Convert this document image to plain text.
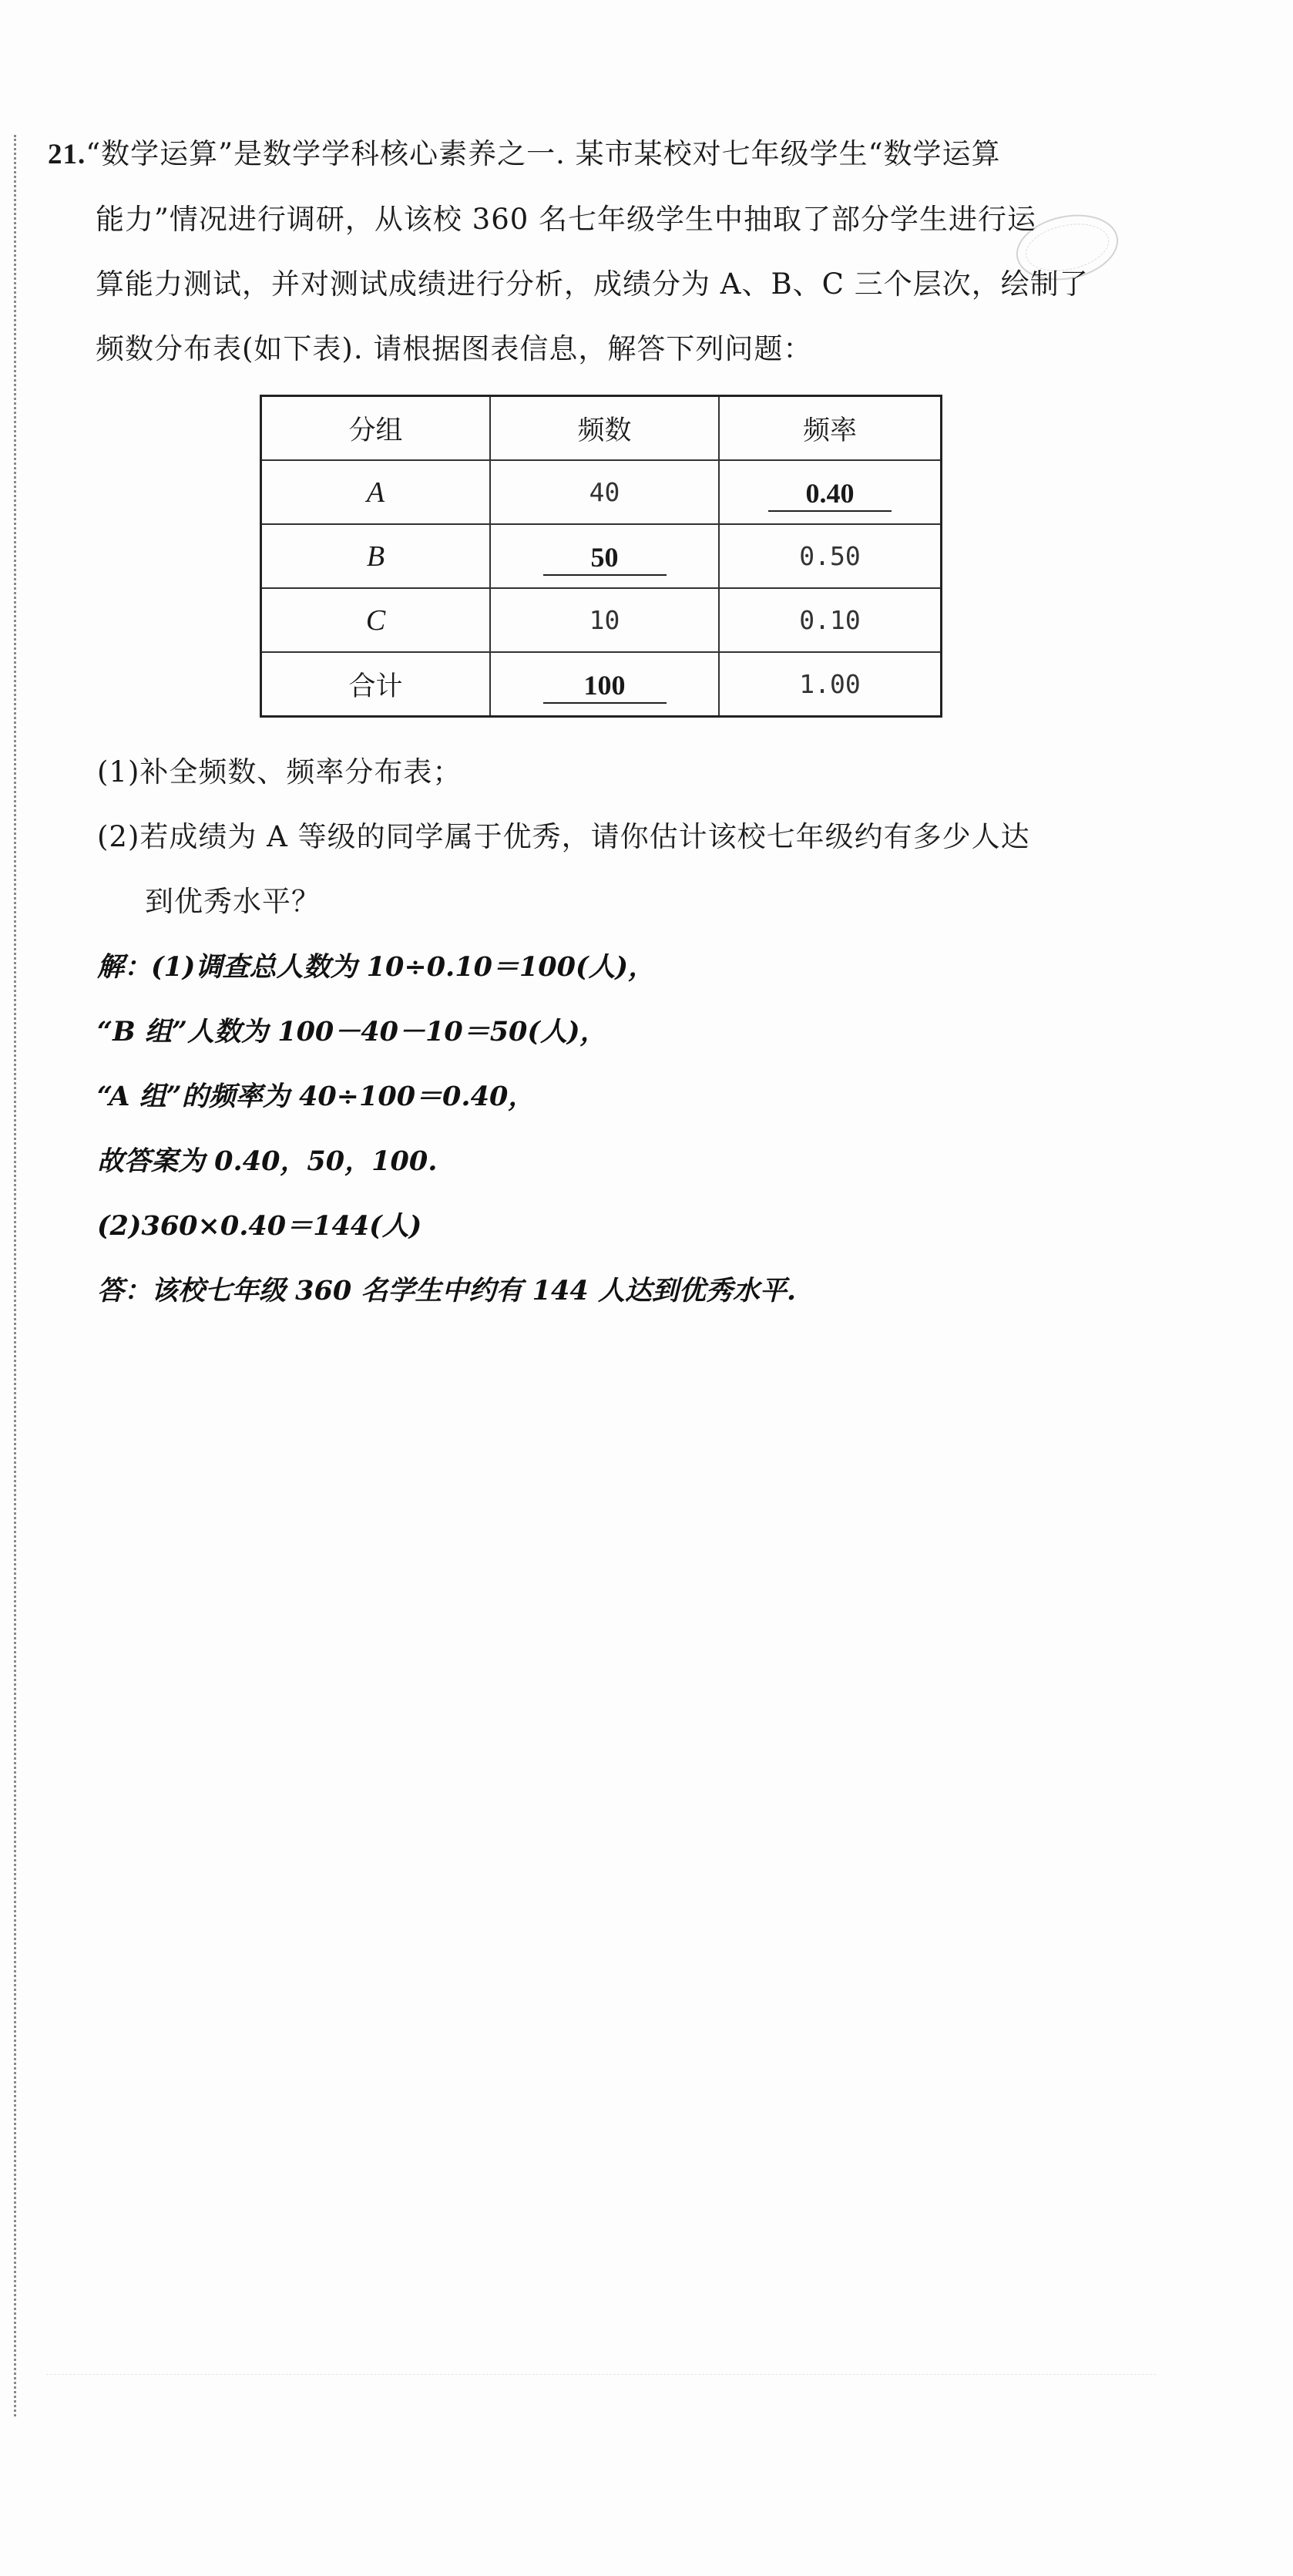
21.“数学运算”是数学学科核心素养之一. 某市某校对七年级学生“数学运算
能力”情况进行调研，从该校 360 名七年级学生中抽取了部分学生进行运
算能力测试，并对测试成绩进行分析，成绩分为 A、B、C 三个层次，绘制了
频数分布表(如下表). 请根据图表信息，解答下列问题：
分组	频数	频率
A	40	0.40
B	50	0.50
C	10	0.10
合计	100	1.00
(1)补全频数、频率分布表；
(2)若成绩为 A 等级的同学属于优秀，请你估计该校七年级约有多少人达
到优秀水平？
解：(1)调查总人数为 10÷0.10＝100(人)，
“B 组”人数为 100－40－10＝50(人)，
“A 组”的频率为 40÷100＝0.40，
故答案为 0.40，50，100.
(2)360×0.40＝144(人)
答：该校七年级 360 名学生中约有 144 人达到优秀水平.
